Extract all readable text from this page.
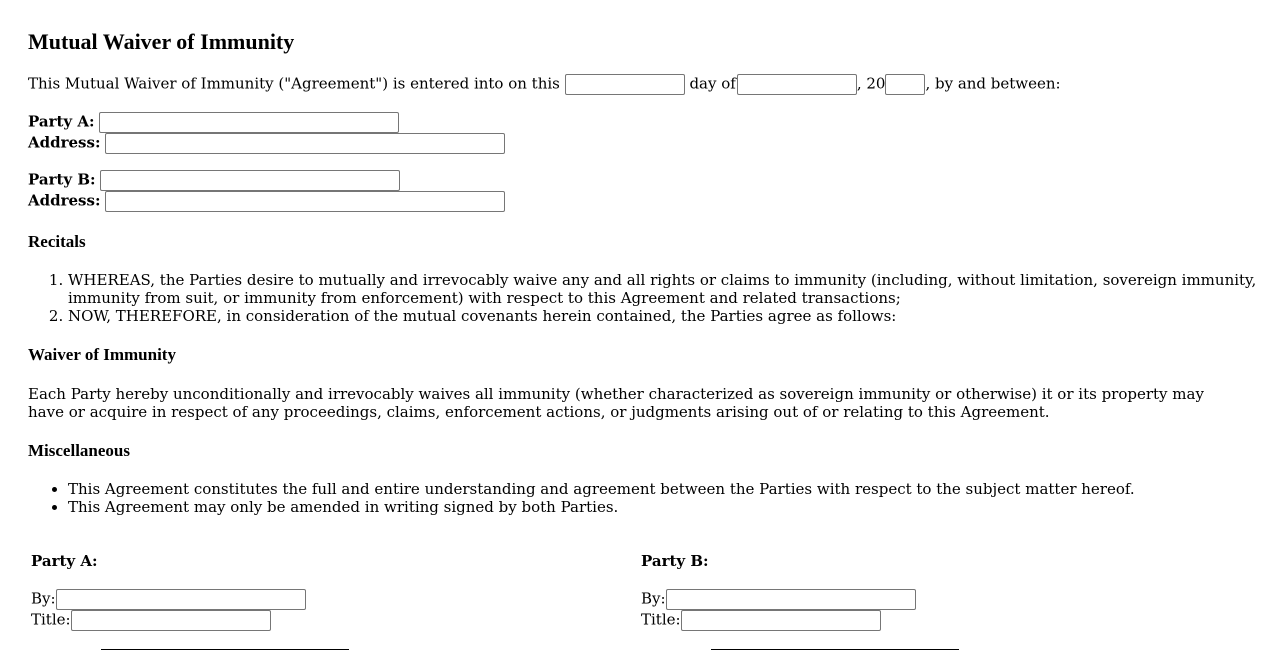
Mutual Waiver of Immunity
This Mutual Waiver of Immunity ("Agreement") is entered into on this	day of	, 20	, by and between:
Party A:
Address:
Party B:
Address:
Recitals
1. WHEREAS, the Parties desire to mutually and irrevocably waive any and all rights or claims to immunity (including, without limitation, sovereign immunity, immunity from suit, or immunity from enforcement) with respect to this Agreement and related transactions;
2. NOW, THEREFORE, in consideration of the mutual covenants herein contained, the Parties agree as follows:
Waiver of Immunity

Each Party hereby unconditionally and irrevocably waives all immunity (whether characterized as sovereign immunity or otherwise) it or its property may have or acquire in respect of any proceedings, claims, enforcement actions, or judgments arising out of or relating to this Agreement.

Miscellaneous
• This Agreement constitutes the full and entire understanding and agreement between the Parties with respect to the subject matter hereof.
• This Agreement may only be amended in writing signed by both Parties.
Party A:
By:
Title:
Party B:
By:
Title:
